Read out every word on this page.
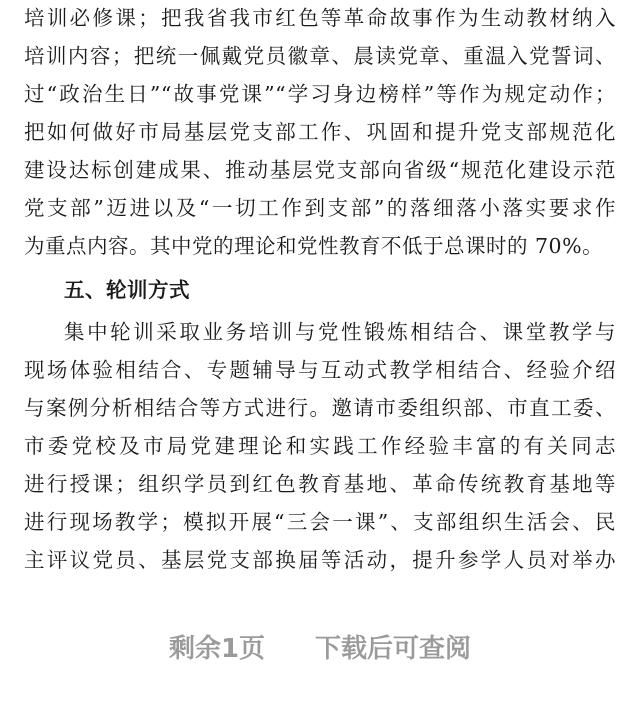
培训必修课；把我省我市红色等革命故事作为生动教材纳入
培训内容；把统一佩戴党员徽章、晨读党章、重温入党誓词、
过“政治生日”“故事党课”“学习身边榜样”等作为规定动作；
把如何做好市局基层党支部工作、巩固和提升党支部规范化
建设达标创建成果、推动基层党支部向省级“规范化建设示范
党支部”迈进以及“一切工作到支部”的落细落小落实要求作
为重点内容。其中党的理论和党性教育不低于总课时的 70%。
五、轮训方式
集中轮训采取业务培训与党性锻炼相结合、课堂教学与
现场体验相结合、专题辅导与互动式教学相结合、经验介绍
与案例分析相结合等方式进行。邀请市委组织部、市直工委、
市委党校及市局党建理论和实践工作经验丰富的有关同志
进行授课；组织学员到红色教育基地、革命传统教育基地等
进行现场教学；模拟开展“三会一课”、支部组织生活会、民
主评议党员、基层党支部换届等活动，提升参学人员对举办
剩余1页 下载后可查阅
